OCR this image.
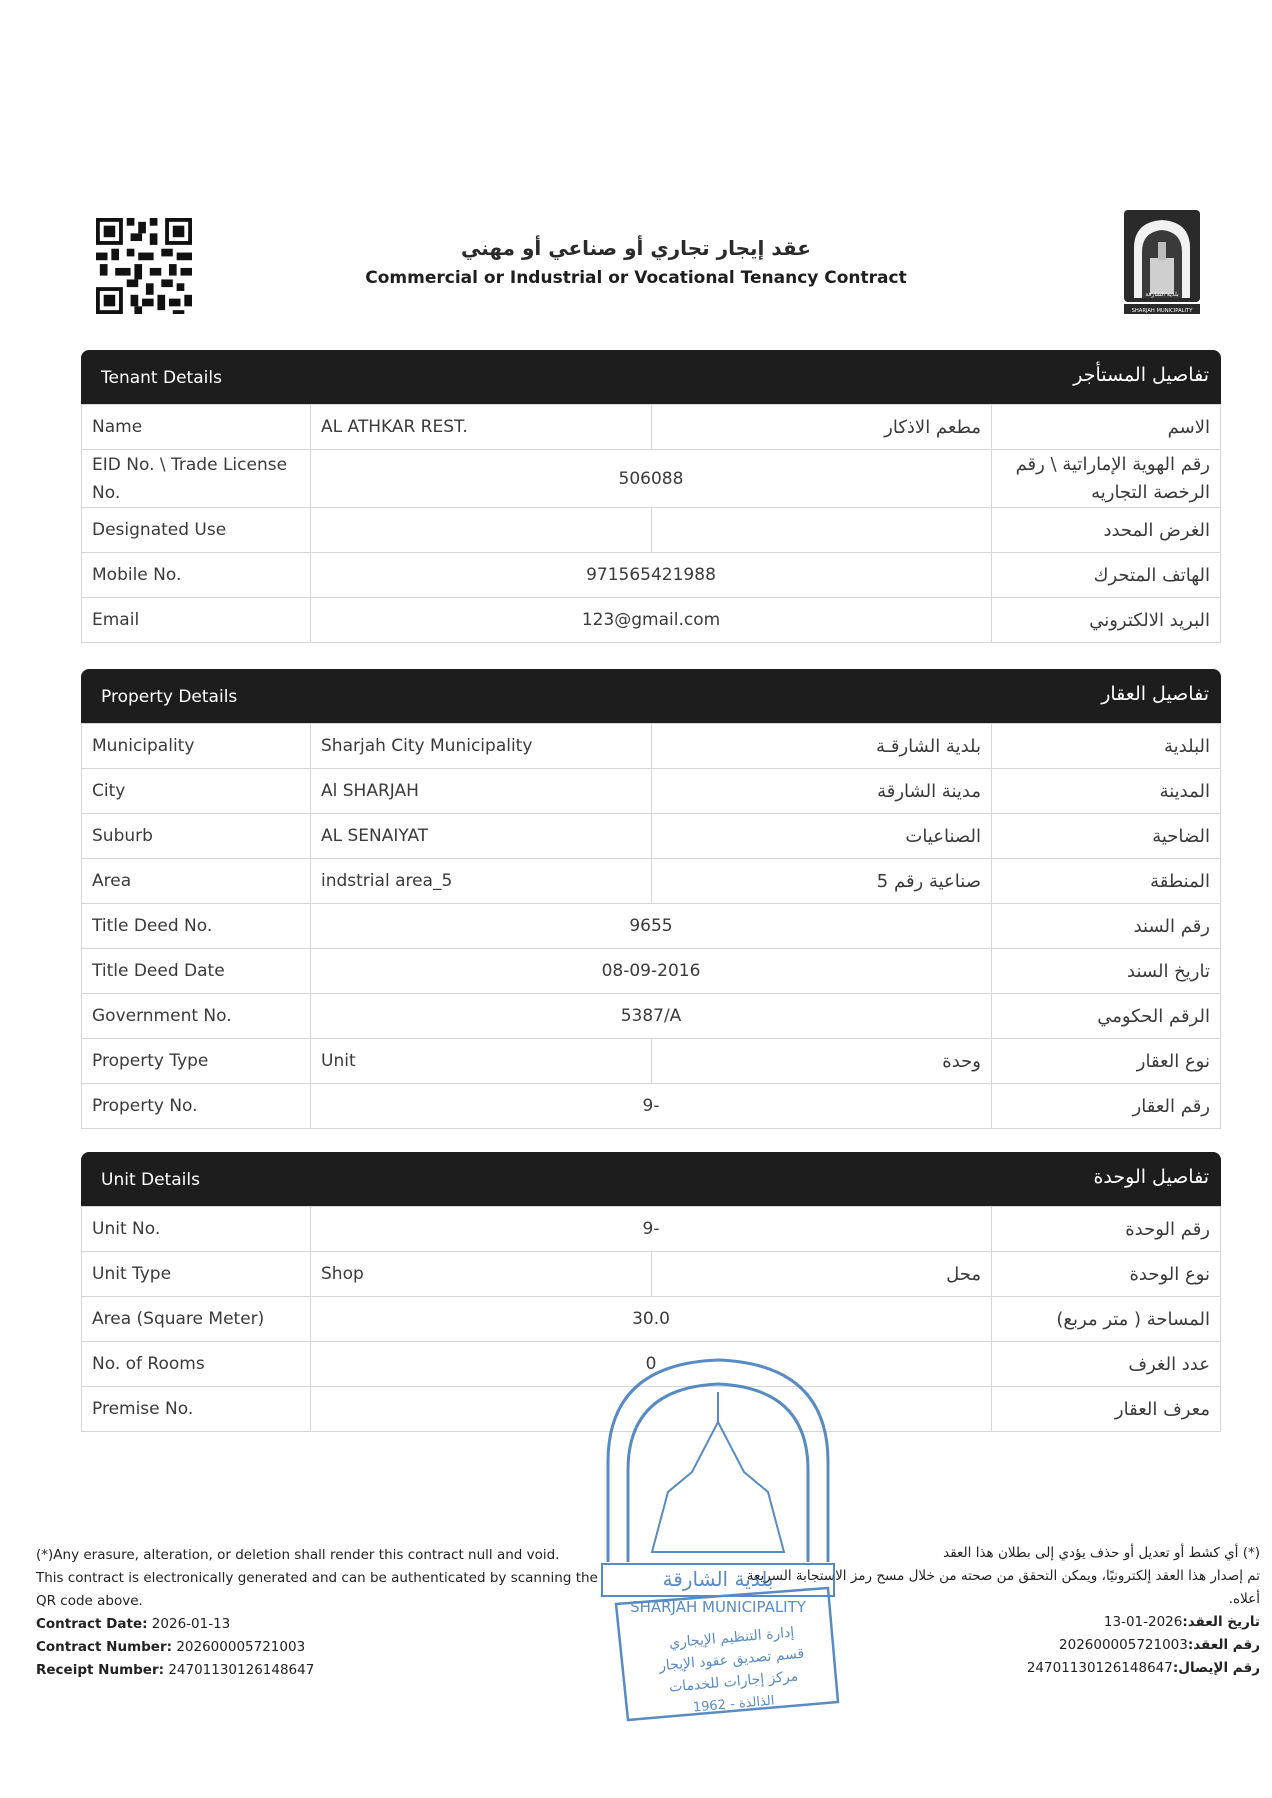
عقد إيجار تجاري أو صناعي أو مهني
Commercial or Industrial or Vocational Tenancy Contract
بلدية الشارقة
SHARJAH MUNICIPALITY
Tenant Details	تفاصيل المستأجر
Name	AL ATHKAR REST.	مطعم الاذكار	الاسم
EID No. \ Trade License No.	506088		رقم الهوية الإماراتية \ رقم الرخصة التجاريه
Designated Use			الغرض المحدد
Mobile No.	971565421988		الهاتف المتحرك
Email	123@gmail.com		البريد الالكتروني
Property Details	تفاصيل العقار
Municipality	Sharjah City Municipality	بلدية الشارقـة	البلدية
City	Al SHARJAH	مدينة الشارقة	المدينة
Suburb	AL SENAIYAT	الصناعيات	الضاحية
Area	indstrial area_5	صناعية رقم 5	المنطقة
Title Deed No.	9655		رقم السند
Title Deed Date	08-09-2016		تاريخ السند
Government No.	5387/A		الرقم الحكومي
Property Type	Unit	وحدة	نوع العقار
Property No.	9-		رقم العقار
Unit Details	تفاصيل الوحدة
Unit No.	9-		رقم الوحدة
Unit Type	Shop	محل	نوع الوحدة
Area (Square Meter)	30.0		المساحة ( متر مربع)
No. of Rooms	0		عدد الغرف
Premise No.			معرف العقار
(*)Any erasure, alteration, or deletion shall render this contract null and void.
This contract is electronically generated and can be authenticated by scanning the QR code above.
Contract Date: 2026-01-13
Contract Number: 202600005721003
Receipt Number: 24701130126148647
(*) أي كشط أو تعديل أو حذف يؤدي إلى بطلان هذا العقد
تم إصدار هذا العقد إلكترونيًا، ويمكن التحقق من صحته من خلال مسح رمز الاستجابة السريعة أعلاه.
تاريخ العقد:2026-01-13
رقم العقد:202600005721003
رقم الإيصال:24701130126148647
بلدية الشارقة
SHARJAH MUNICIPALITY
إدارة التنظيم الإيجاري
قسم تصديق عقود الإيجار
مركز إجارات للخدمات
1962 - الذالذة
